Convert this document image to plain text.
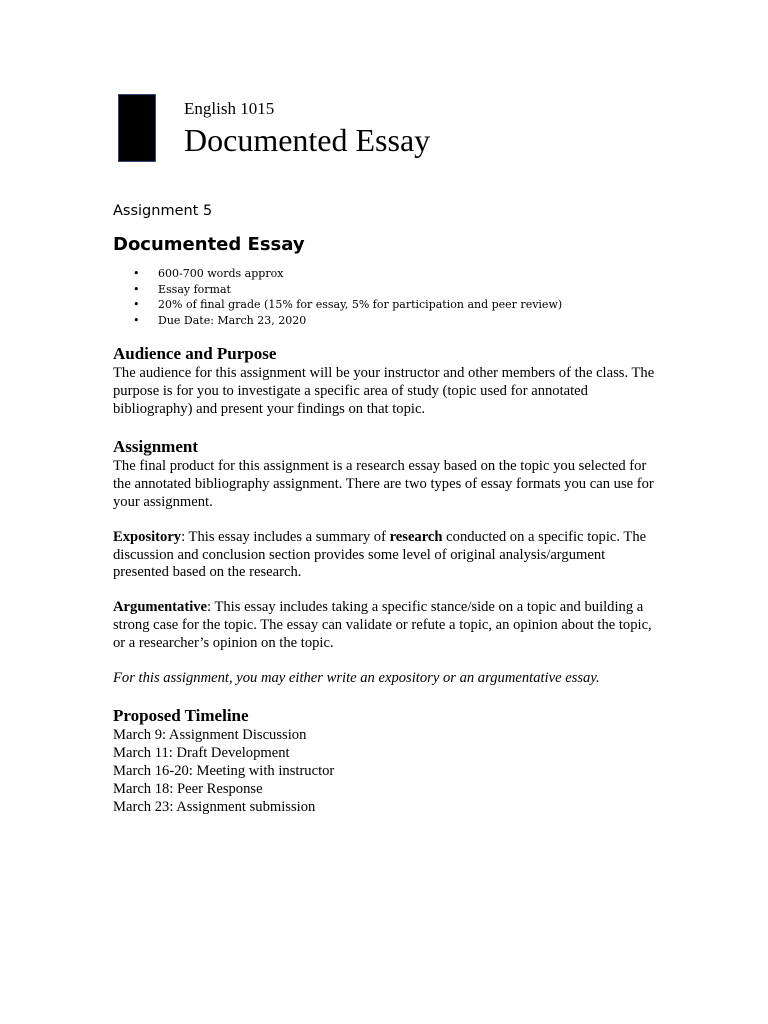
English 1015
Documented Essay
Assignment 5
Documented Essay
• 600-700 words approx
• Essay format
• 20% of final grade (15% for essay, 5% for participation and peer review)
• Due Date: March 23, 2020
Audience and Purpose

The audience for this assignment will be your instructor and other members of the class. The purpose is for you to investigate a specific area of study (topic used for annotated bibliography) and present your findings on that topic.

Assignment

The final product for this assignment is a research essay based on the topic you selected for the annotated bibliography assignment. There are two types of essay formats you can use for your assignment.

Expository: This essay includes a summary of research conducted on a specific topic. The discussion and conclusion section provides some level of original analysis/argument presented based on the research.

Argumentative: This essay includes taking a specific stance/side on a topic and building a strong case for the topic. The essay can validate or refute a topic, an opinion about the topic, or a researcher’s opinion on the topic.

For this assignment, you may either write an expository or an argumentative essay.

Proposed Timeline
March 9: Assignment Discussion
March 11: Draft Development
March 16-20: Meeting with instructor
March 18: Peer Response
March 23: Assignment submission
